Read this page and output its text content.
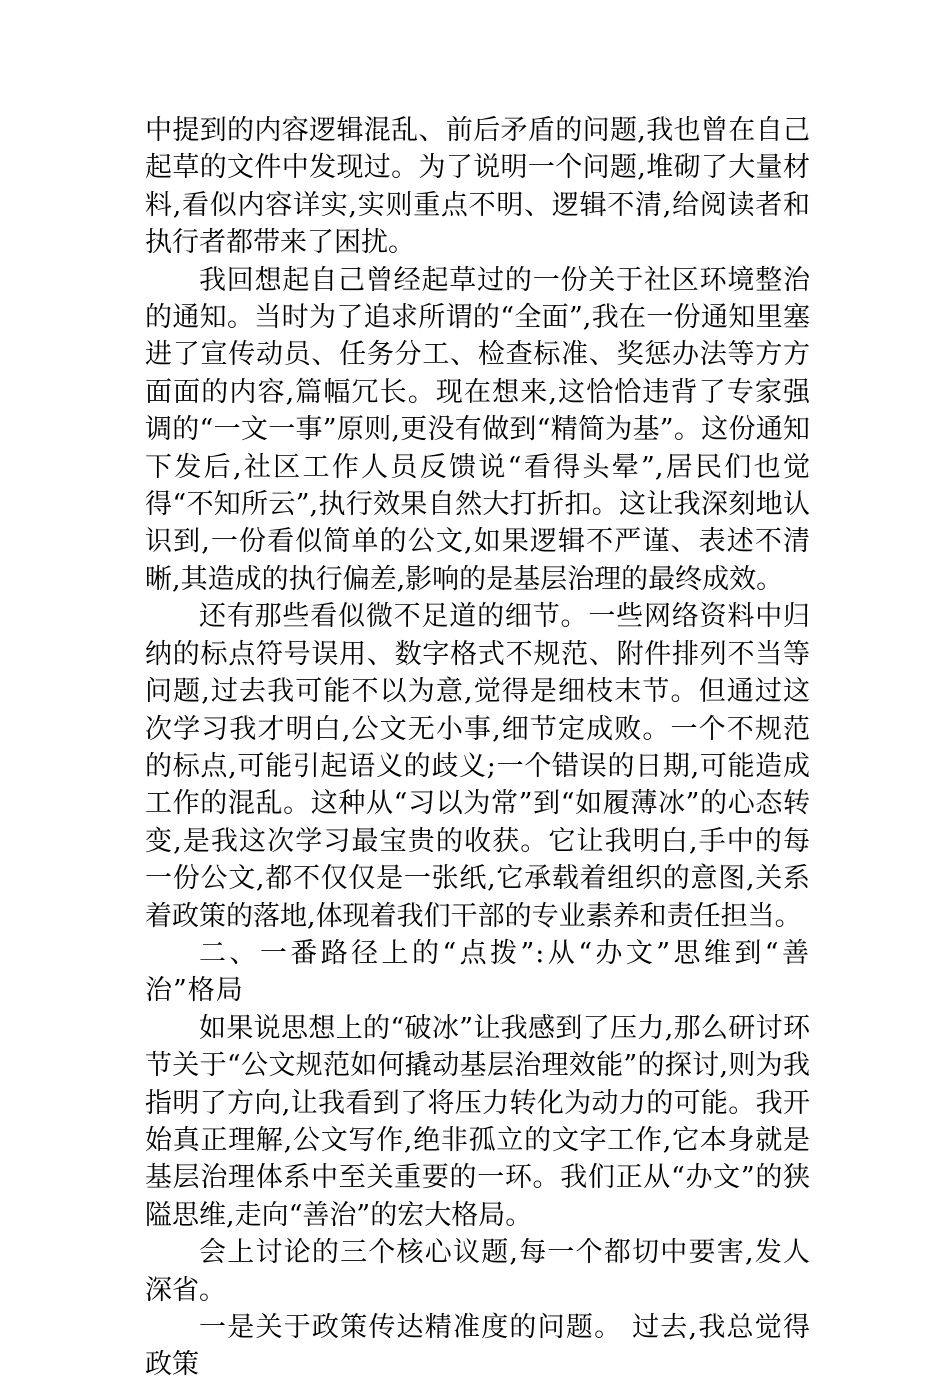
中提到的内容逻辑混乱、前后矛盾的问题,我也曾在自己起草的文件中发现过。为了说明一个问题,堆砌了大量材料,看似内容详实,实则重点不明、逻辑不清,给阅读者和执行者都带来了困扰。

我回想起自己曾经起草过的一份关于社区环境整治的通知。当时为了追求所谓的“全面”,我在一份通知里塞进了宣传动员、任务分工、检查标准、奖惩办法等方方面面的内容,篇幅冗长。现在想来,这恰恰违背了专家强调的“一文一事”原则,更没有做到“精简为基”。这份通知下发后,社区工作人员反馈说“看得头晕”,居民们也觉得“不知所云”,执行效果自然大打折扣。这让我深刻地认识到,一份看似简单的公文,如果逻辑不严谨、表述不清晰,其造成的执行偏差,影响的是基层治理的最终成效。

还有那些看似微不足道的细节。一些网络资料中归纳的标点符号误用、数字格式不规范、附件排列不当等问题,过去我可能不以为意,觉得是细枝末节。但通过这次学习我才明白,公文无小事,细节定成败。一个不规范的标点,可能引起语义的歧义;一个错误的日期,可能造成工作的混乱。这种从“习以为常”到“如履薄冰”的心态转变,是我这次学习最宝贵的收获。它让我明白,手中的每一份公文,都不仅仅是一张纸,它承载着组织的意图,关系着政策的落地,体现着我们干部的专业素养和责任担当。

二、一番路径上的“点拨”:从“办文”思维到“善治”格局

如果说思想上的“破冰”让我感到了压力,那么研讨环节关于“公文规范如何撬动基层治理效能”的探讨,则为我指明了方向,让我看到了将压力转化为动力的可能。我开始真正理解,公文写作,绝非孤立的文字工作,它本身就是基层治理体系中至关重要的一环。我们正从“办文”的狭隘思维,走向“善治”的宏大格局。

会上讨论的三个核心议题,每一个都切中要害,发人深省。

一是关于政策传达精准度的问题。 过去,我总觉得政策
